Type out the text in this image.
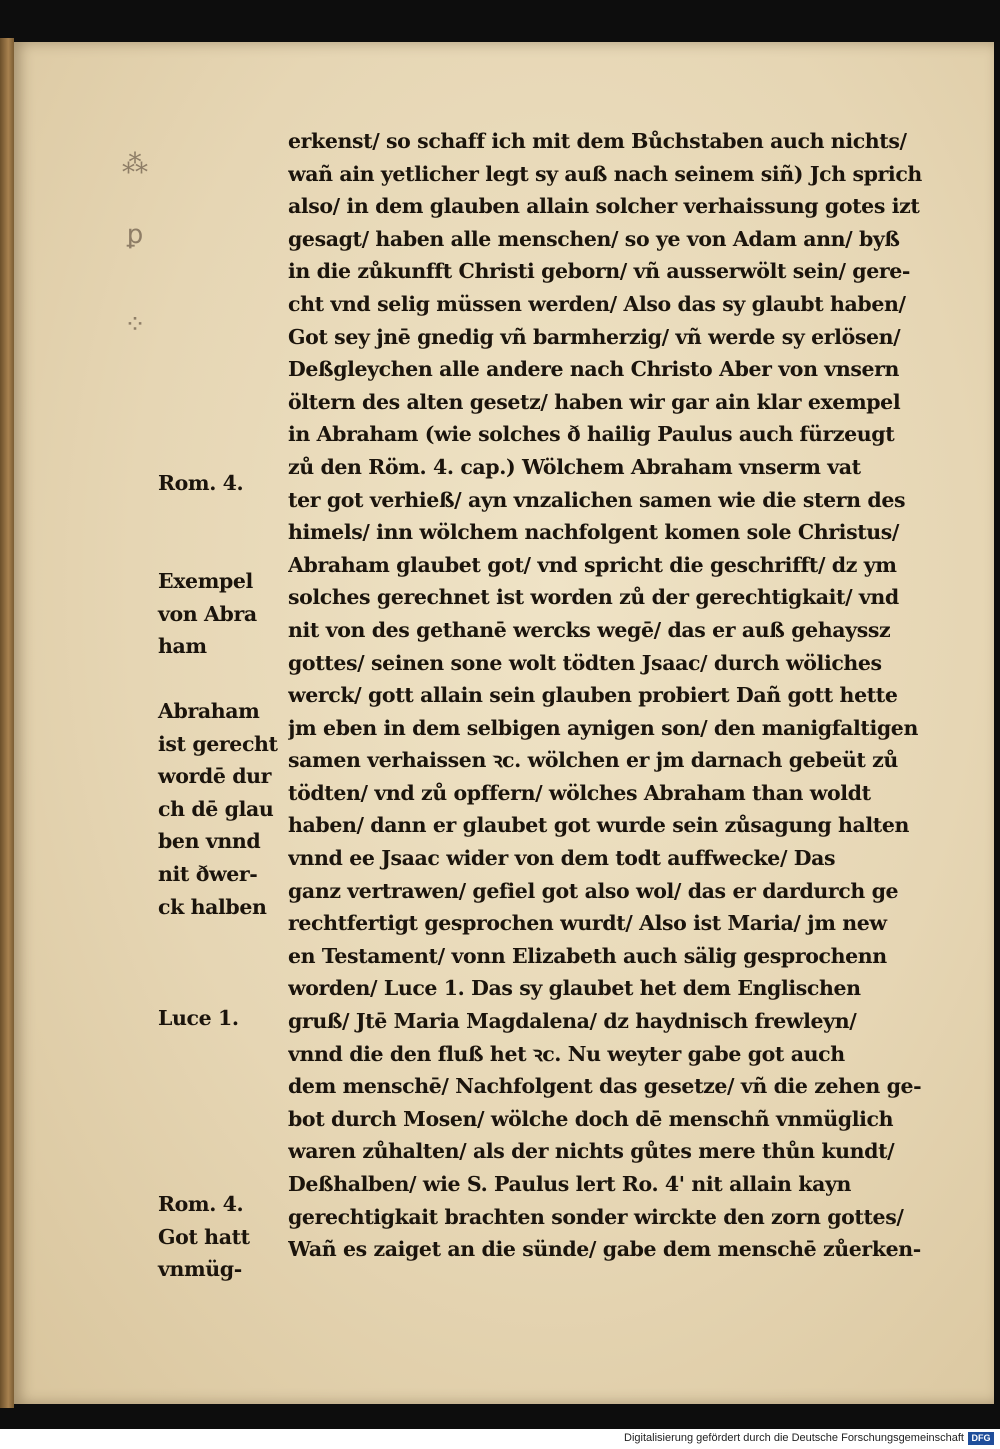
⁂
ꝑ
⁘
erkenst/ so schaff ich mit dem Bůchstaben auch nichts/
wañ ain yetlicher legt sy auß nach seinem siñ) Jch sprich
also/ in dem glauben allain solcher verhaissung gotes izt
gesagt/ haben alle menschen/ so ye von Adam ann/ byß
in die zůkunfft Christi geborn/ vñ ausserwölt sein/ gere-
cht vnd selig müssen werden/ Also das sy glaubt haben/
Got sey jnē gnedig vñ barmherzig/ vñ werde sy erlösen/
Deßgleychen alle andere nach Christo Aber von vnsern
öltern des alten gesetz/ haben wir gar ain klar exempel
in Abraham (wie solches ð hailig Paulus auch fürzeugt
zů den Röm. 4. cap.) Wölchem Abraham vnserm vat
ter got verhieß/ ayn vnzalichen samen wie die stern des
himels/ inn wölchem nachfolgent komen sole Christus/
Abraham glaubet got/ vnd spricht die geschrifft/ dz ym
solches gerechnet ist worden zů der gerechtigkait/ vnd
nit von des gethanē wercks wegē/ das er auß gehayssz
gottes/ seinen sone wolt tödten Jsaac/ durch wöliches
werck/ gott allain sein glauben probiert Dañ gott hette
jm eben in dem selbigen aynigen son/ den manigfaltigen
samen verhaissen ꝛc. wölchen er jm darnach gebeüt zů
tödten/ vnd zů opffern/ wölches Abraham than woldt
haben/ dann er glaubet got wurde sein zůsagung halten
vnnd ee Jsaac wider von dem todt auffwecke/ Das
ganz vertrawen/ gefiel got also wol/ das er dardurch ge
rechtfertigt gesprochen wurdt/ Also ist Maria/ jm new
en Testament/ vonn Elizabeth auch sälig gesprochenn
worden/ Luce 1. Das sy glaubet het dem Englischen
gruß/ Jtē Maria Magdalena/ dz haydnisch frewleyn/
vnnd die den fluß het ꝛc. Nu weyter gabe got auch
dem menschē/ Nachfolgent das gesetze/ vñ die zehen ge-
bot durch Mosen/ wölche doch dē menschñ vnmüglich
waren zůhalten/ als der nichts gůtes mere thůn kundt/
Deßhalben/ wie S. Paulus lert Ro. 4' nit allain kayn
gerechtigkait brachten sonder wirckte den zorn gottes/
Wañ es zaiget an die sünde/ gabe dem menschē zůerken-
Rom. 4.
Exempel
von Abra
ham
Abraham
ist gerecht
wordē dur
ch dē glau
ben vnnd
nit ðwer-
ck halben
Luce 1.
Rom. 4.
Got hatt
vnmüg-
Digitalisierung gefördert durch die Deutsche Forschungsgemeinschaft DFG
